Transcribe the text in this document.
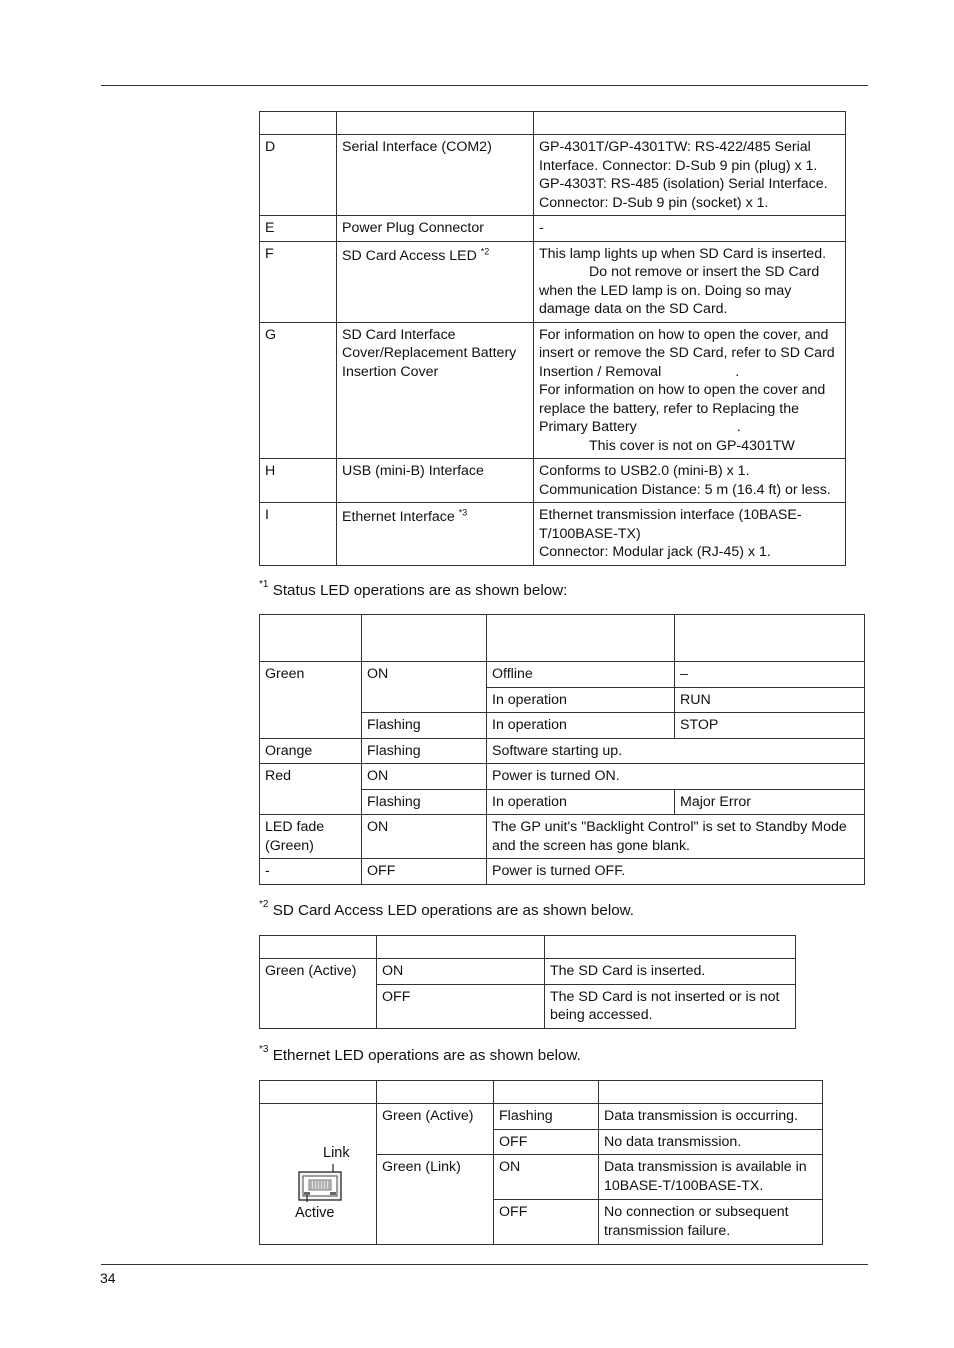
D	Serial Interface (COM2)	GP-4301T/GP-4301TW: RS-422/485 Serial Interface. Connector: D-Sub 9 pin (plug) x 1.
GP-4303T: RS-485 (isolation) Serial Interface. Connector: D-Sub 9 pin (socket) x 1.

E	Power Plug Connector	-
F	SD Card Access LED $^{*2}$	This lamp lights up when SD Card is inserted.
Do not remove or insert the SD Card when the LED lamp is on. Doing so may damage data on the SD Card.

G	SD Card Interface Cover/Replacement Battery Insertion Cover	For information on how to open the cover, and insert or remove the SD Card, refer to SD Card Insertion / Removal .
For information on how to open the cover and replace the battery, refer to Replacing the Primary Battery .
This cover is not on GP-4301TW

H	USB (mini-B) Interface	Conforms to USB2.0 (mini-B) x 1.
Communication Distance: 5 m (16.4 ft) or less.

I	Ethernet Interface $^{*3}$	Ethernet transmission interface (10BASE-T/100BASE-TX)
Connector: Modular jack (RJ-45) x 1.
$^{*1}$ Status LED operations are as shown below:

Green	ON	Offline	–
		In operation	RUN
	Flashing	In operation	STOP
Orange	Flashing	Software starting up.	
Red	ON	Power is turned ON.	
	Flashing	In operation	Major Error
LED fade (Green)	ON	The GP unit's "Backlight Control" is set to Standby Mode and the screen has gone blank.	
-	OFF	Power is turned OFF.	
$^{*2}$ SD Card Access LED operations are as shown below.

Green (Active)	ON	The SD Card is inserted.
	OFF	The SD Card is not inserted or is not being accessed.
$^{*3}$ Ethernet LED operations are as shown below.

Link
Active	Green (Active)	Flashing	Data transmission is occurring.
		OFF	No data transmission.
	Green (Link)	ON	Data transmission is available in 10BASE-T/100BASE-TX.
		OFF	No connection or subsequent transmission failure.
34
